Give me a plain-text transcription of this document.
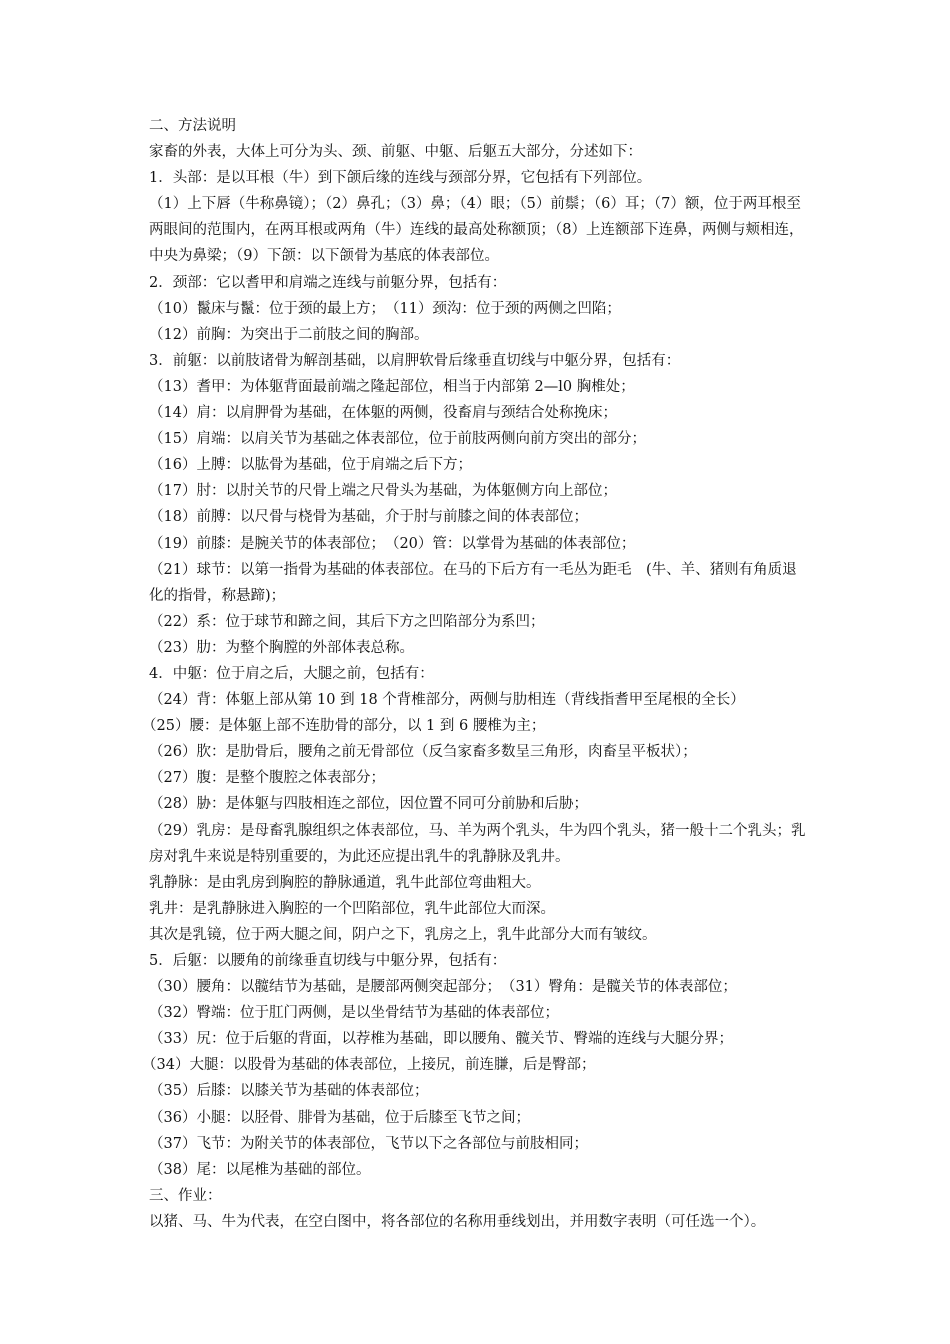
二、方法说明

家畜的外表，大体上可分为头、颈、前躯、中躯、后躯五大部分，分述如下：

1．头部：是以耳根（牛）到下颌后缘的连线与颈部分界，它包括有下列部位。

（1）上下唇（牛称鼻镜）；（2）鼻孔；（3）鼻；（4）眼；（5）前鬃；（6）耳；（7）额，位于两耳根至两眼间的范围内，在两耳根或两角（牛）连线的最高处称额顶；（8）上连额部下连鼻，两侧与颊相连，中央为鼻梁；（9）下颌：以下颌骨为基底的体表部位。

2．颈部：它以耆甲和肩端之连线与前躯分界，包括有：

（10）鬣床与鬣：位于颈的最上方；　（11）颈沟：位于颈的两侧之凹陷；

（12）前胸：为突出于二前肢之间的胸部。

3．前躯：以前肢诸骨为解剖基础，以肩胛软骨后缘垂直切线与中躯分界，包括有：

（13）耆甲：为体躯背面最前端之隆起部位，相当于内部第 2—l0 胸椎处；

（14）肩：以肩胛骨为基础，在体躯的两侧，役畜肩与颈结合处称挽床；

（15）肩端：以肩关节为基础之体表部位，位于前肢两侧向前方突出的部分；

（16）上膊：以肱骨为基础，位于肩端之后下方；

（17）肘：以肘关节的尺骨上端之尺骨头为基础，为体躯侧方向上部位；

（18）前膊：以尺骨与桡骨为基础，介于肘与前膝之间的体表部位；

（19）前膝：是腕关节的体表部位；　（20）管：以掌骨为基础的体表部位；

（21）球节：以第一指骨为基础的体表部位。在马的下后方有一毛丛为距毛　(牛、羊、猪则有角质退化的指骨，称悬蹄)；

（22）系：位于球节和蹄之间，其后下方之凹陷部分为系凹；

（23）肋：为整个胸膛的外部体表总称。

4．中躯：位于肩之后，大腿之前，包括有：

（24）背：体躯上部从第 10 到 18 个背椎部分，两侧与肋相连（背线指耆甲至尾根的全长）

（25）腰：是体躯上部不连肋骨的部分，以 1 到 6 腰椎为主；

（26）肷：是肋骨后，腰角之前无骨部位（反刍家畜多数呈三角形，肉畜呈平板状）；

（27）腹：是整个腹腔之体表部分；

（28）胁：是体躯与四肢相连之部位，因位置不同可分前胁和后胁；

（29）乳房：是母畜乳腺组织之体表部位，马、羊为两个乳头，牛为四个乳头，猪一般十二个乳头；乳房对乳牛来说是特别重要的，为此还应提出乳牛的乳静脉及乳井。

乳静脉：是由乳房到胸腔的静脉通道，乳牛此部位弯曲粗大。

乳井：是乳静脉进入胸腔的一个凹陷部位，乳牛此部位大而深。

其次是乳镜，位于两大腿之间，阴户之下，乳房之上，乳牛此部分大而有皱纹。

5．后躯：以腰角的前缘垂直切线与中躯分界，包括有：

（30）腰角：以髋结节为基础，是腰部两侧突起部分；　（31）臀角：是髋关节的体表部位；

（32）臀端：位于肛门两侧，是以坐骨结节为基础的体表部位；

（33）尻：位于后躯的背面，以荐椎为基础，即以腰角、髋关节、臀端的连线与大腿分界；

（34）大腿：以股骨为基础的体表部位，上接尻，前连膁，后是臀部；

（35）后膝：以膝关节为基础的体表部位；

（36）小腿：以胫骨、腓骨为基础，位于后膝至飞节之间；

（37）飞节：为附关节的体表部位，飞节以下之各部位与前肢相同；

（38）尾：以尾椎为基础的部位。

三、作业：

以猪、马、牛为代表，在空白图中，将各部位的名称用垂线划出，并用数字表明（可任选一个）。
